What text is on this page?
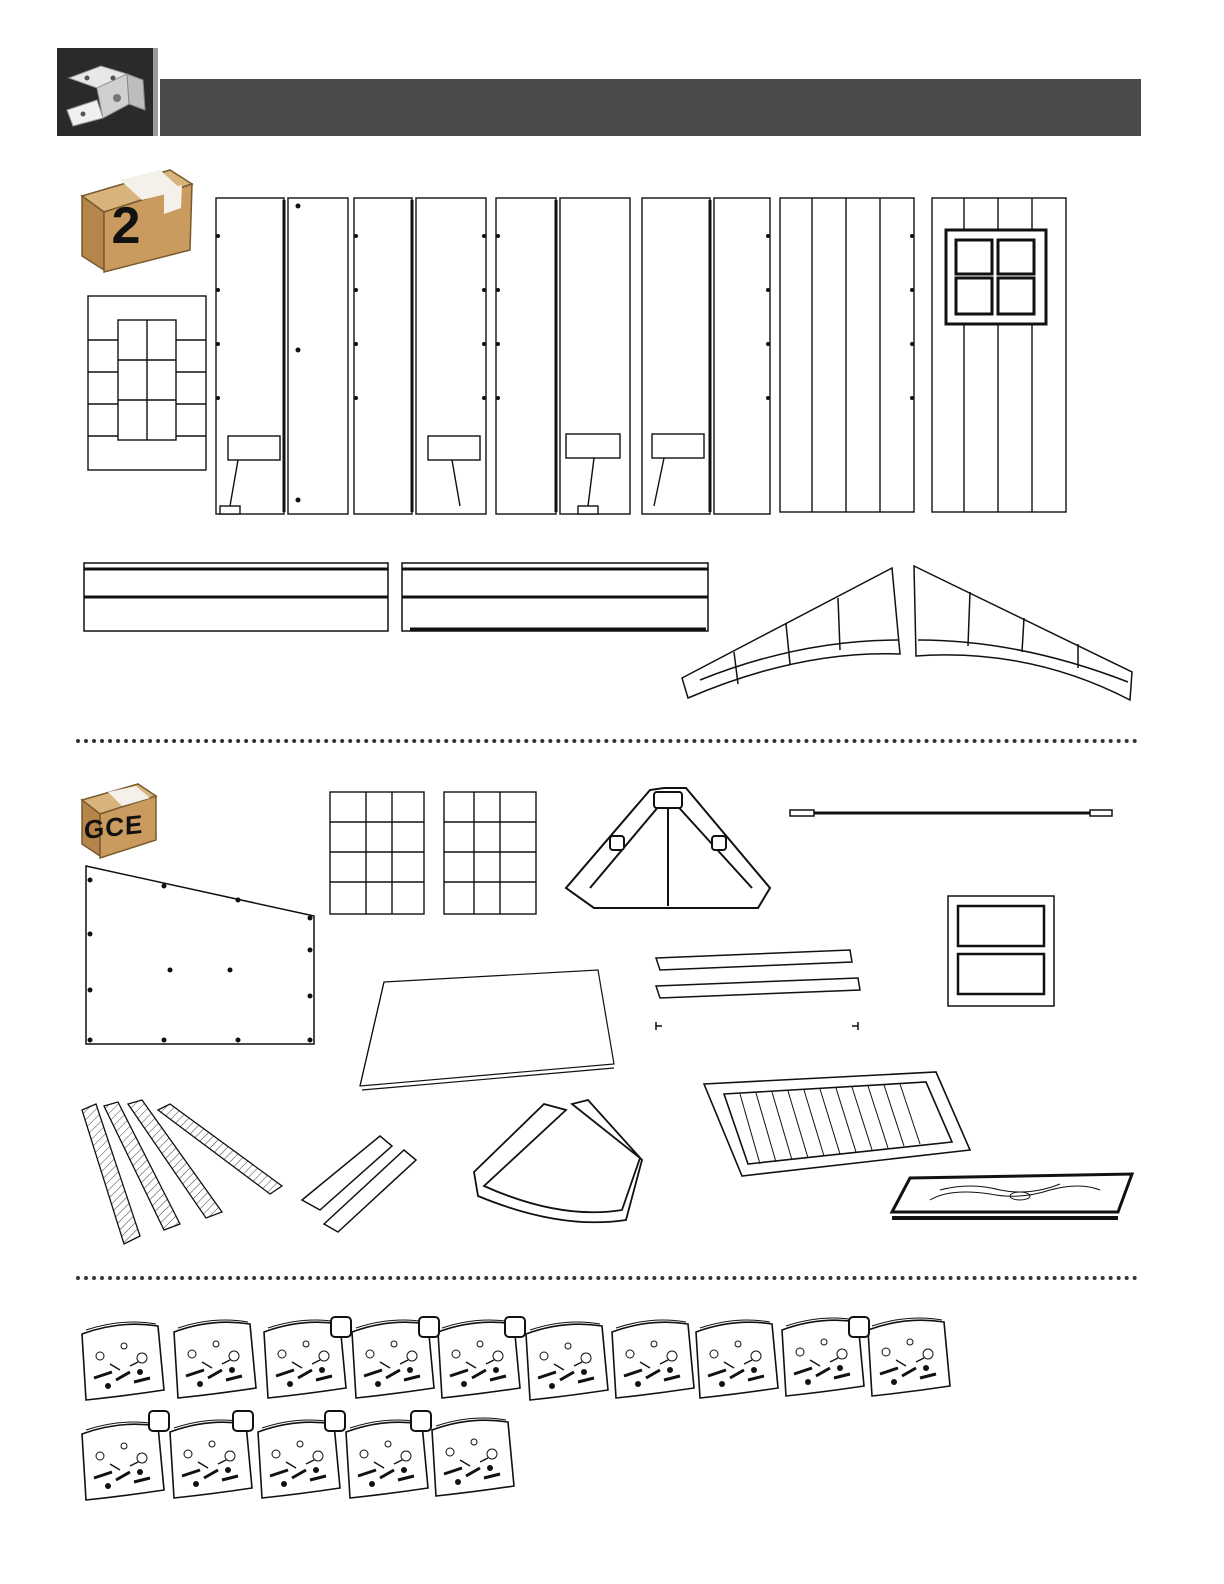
2
GCE
